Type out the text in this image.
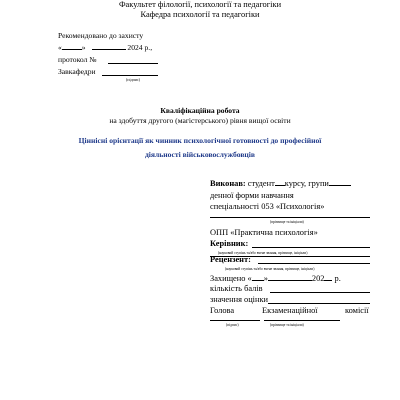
Факультет філології, психології та педагогіки
Кафедра психології та педагогіки
Рекомендовано до захисту
«	»	2024 р.,
протокол №
Завкафедри
(підпис)
Кваліфікаційна робота
на здобуття другого (магістерського) рівня вищої освіти
Ціннісні орієнтації як чинник психологічної готовності до професійної
діяльності військовослужбовців
Виконав: студент курсу, групи
денної форми навчання
спеціальності 053 «Психологія»
(прізвище та ініціали)
ОПП «Практична психологія»
Керівник:
(науковий ступінь та/або вчене звання, прізвище, ініціали)
Рецензент:
(науковий ступінь та/або вчене звання, прізвище, ініціали)
Захищено « »	202 р.
кількість балів
значення оцінки
Голова	Екзаменаційної	комісії
(підпис)	(прізвище та ініціали)
